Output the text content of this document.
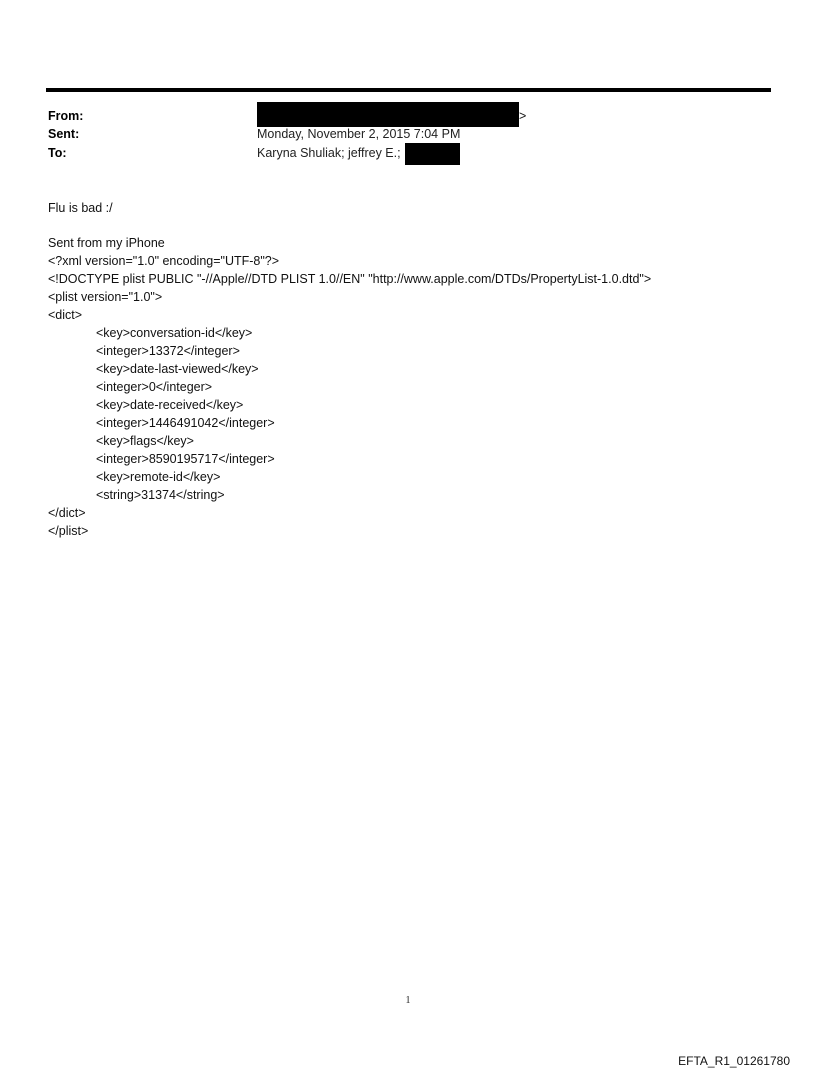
From:	>
Sent:	Monday, November 2, 2015 7:04 PM
To:	Karyna Shuliak; jeffrey E.;
Flu is bad :/
Sent from my iPhone
<?xml version="1.0" encoding="UTF-8"?>
<!DOCTYPE plist PUBLIC "-//Apple//DTD PLIST 1.0//EN" "http://www.apple.com/DTDs/PropertyList-1.0.dtd">
<plist version="1.0">
<dict>
<key>conversation-id</key>
<integer>13372</integer>
<key>date-last-viewed</key>
<integer>0</integer>
<key>date-received</key>
<integer>1446491042</integer>
<key>flags</key>
<integer>8590195717</integer>
<key>remote-id</key>
<string>31374</string>
</dict>
</plist>
1
EFTA_R1_01261780
